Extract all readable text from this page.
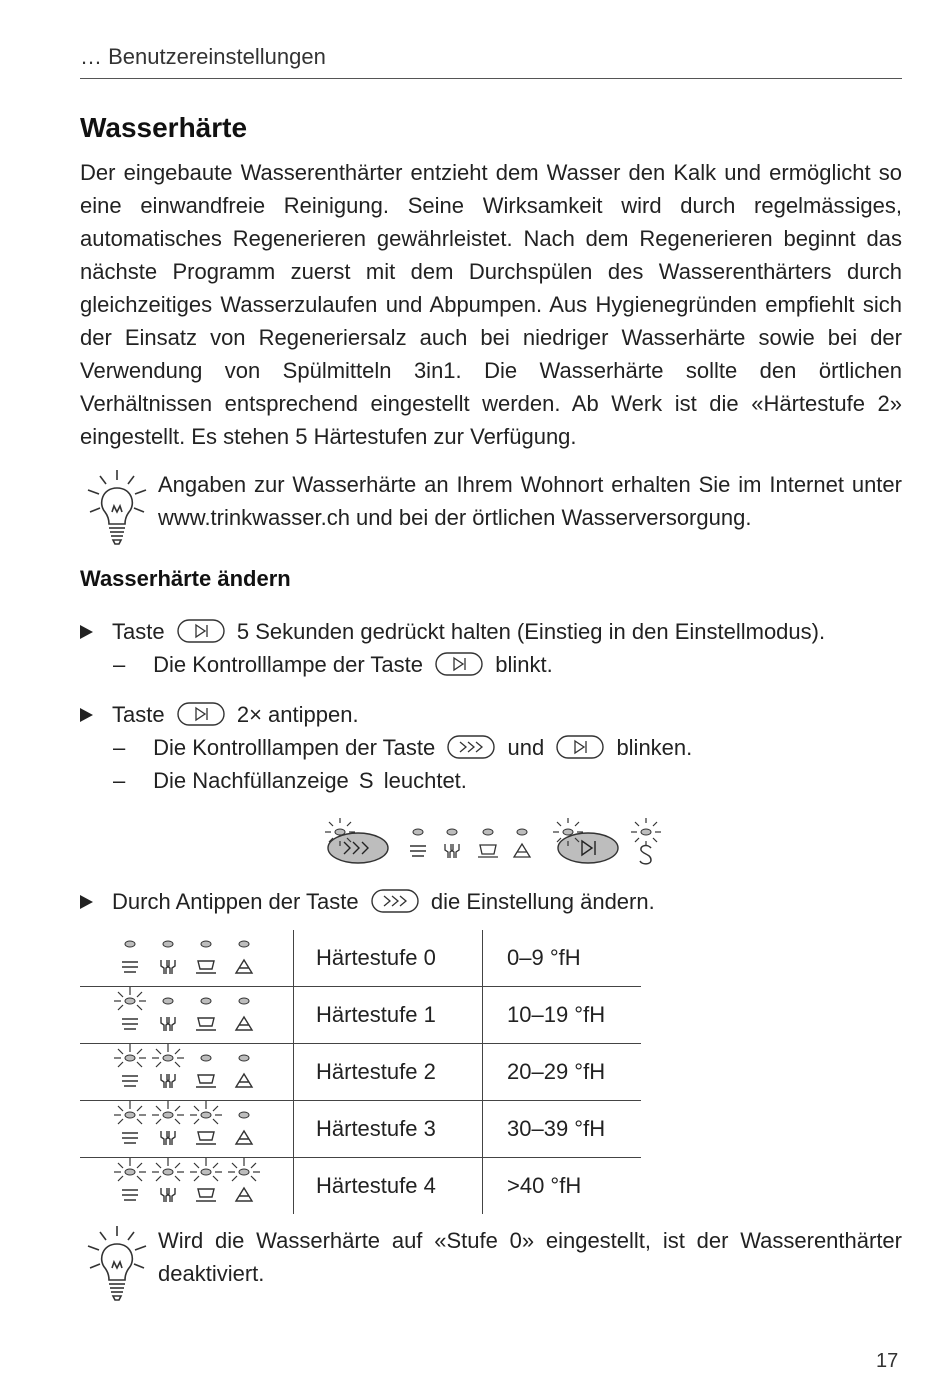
… Benutzereinstellungen
Wasserhärte

Der eingebaute Wasserenthärter entzieht dem Wasser den Kalk und ermöglicht so eine einwandfreie Reinigung. Seine Wirksamkeit wird durch regelmässiges, automatisches Regenerieren gewährleistet. Nach dem Regenerieren beginnt das nächste Programm zuerst mit dem Durchspülen des Wasserenthärters durch gleichzeitiges Wasserzulaufen und Abpumpen. Aus Hygienegründen empfiehlt sich der Einsatz von Regeneriersalz auch bei niedriger Wasserhärte sowie bei der Verwendung von Spülmitteln 3in1. Die Wasserhärte sollte den örtlichen Verhältnissen entsprechend eingestellt werden. Ab Werk ist die «Härtestufe 2» eingestellt. Es stehen 5 Härtestufen zur Verfügung.

Angaben zur Wasserhärte an Ihrem Wohnort erhalten Sie im Internet unter www.trinkwasser.ch und bei der örtlichen Wasserversorgung.

Wasserhärte ändern
Taste	5 Sekunden gedrückt halten (Einstieg in den Einstellmodus).
– Die Kontrolllampe der Taste	blinkt.
Taste	2× antippen.
– Die Kontrolllampen der Taste	und	blinken.
– Die Nachfüllanzeige S leuchtet.
Durch Antippen der Taste	die Einstellung ändern.
	Härtestufe 0	0–9 °fH
	Härtestufe 1	10–19 °fH
	Härtestufe 2	20–29 °fH
	Härtestufe 3	30–39 °fH
	Härtestufe 4	>40 °fH

Wird die Wasserhärte auf «Stufe 0» eingestellt, ist der Wasserenthärter deaktiviert.

17
